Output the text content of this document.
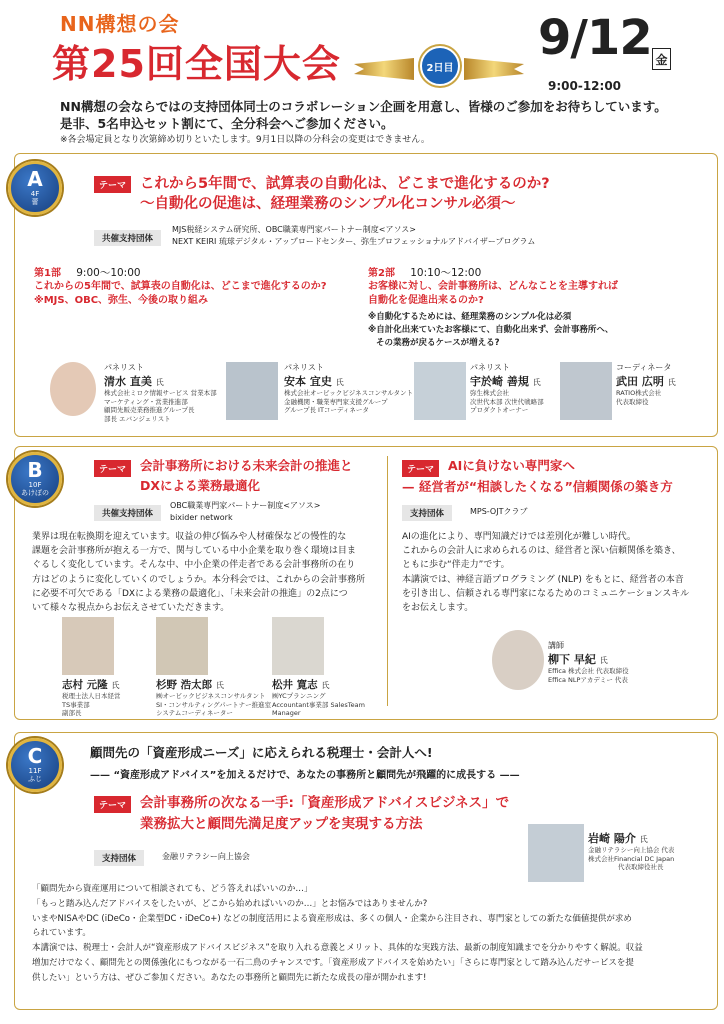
NN構想の会
第25回全国大会	2日目
9/12 金
9:00-12:00
NN構想の会ならではの支持団体同士のコラボレーション企画を用意し、皆様のご参加をお待ちしています。
是非、5名申込セット割にて、全分科会へご参加ください。
※各会場定員となり次第締め切りといたします。9月1日以降の分科会の変更はできません。
A
4F
蕾
テーマ これから5年間で、試算表の自動化は、どこまで進化するのか?
～自動化の促進は、経理業務のシンプル化コンサル必須～
共催支持団体
MJS税経システム研究所、OBC職業専門家パートナー制度<アソス>
NEXT KEIRI 琉球デジタル・アップロードセンター、弥生プロフェッショナルアドバイザープログラム
第1部 9:00～10:00
これからの5年間で、試算表の自動化は、どこまで進化するのか?
※MJS、OBC、弥生、今後の取り組み
第2部 10:10～12:00
お客様に対し、会計事務所は、どんなことを主導すれば
自動化を促進出来るのか?
※自動化するためには、経理業務のシンプル化は必須
※自計化出来ていたお客様にて、自動化出来ず、会計事務所へ、
その業務が戻るケースが増える?
パネリスト
清水 直美 氏
株式会社ミロク情報サービス 営業本部
マーケティング・営業推進部
顧問先販売業務推進グループ長
部長 エバンジェリスト
パネリスト
安本 宜史 氏
株式会社オービックビジネスコンサルタント
金融機関・職業専門家支援グループ
グループ長 ITコーディネータ
パネリスト
宇於崎 善規 氏
弥生株式会社
次世代本部 次世代戦略部
プロダクトオーナー
コーディネータ
武田 広明 氏
RATIO株式会社
代表取締役
B
10F
あけぼの
テーマ	会計事務所における未来会計の推進と
DXによる業務最適化
共催支持団体
OBC職業専門家パートナー制度<アソス>
bixider network
業界は現在転換期を迎えています。収益の伸び悩みや人材確保などの慢性的な
課題を会計事務所が抱える一方で、関与している中小企業を取り巻く環境は目ま
ぐるしく変化しています。そんな中、中小企業の伴走者である会計事務所の在り
方はどのように変化していくのでしょうか。本分科会では、これからの会計事務所
に必要不可欠である「DXによる業務の最適化」、「未来会計の推進」の2点につ
いて様々な視点からお伝えさせていただきます。
志村 元隆 氏
税理士法人日本経営
TS事業部
副部長
杉野 浩太郎 氏
㈱オービックビジネスコンサルタント
SI・コンサルティングパートナー推進室
システムコーディネーター
松井 寛志 氏
㈱YCプランニング
Accountant事業部 SalesTeam
Manager
テーマ	AIに負けない専門家へ
— 経営者が“相談したくなる”信頼関係の築き方
支持団体	MPS-OJTクラブ
AIの進化により、専門知識だけでは差別化が難しい時代。
これからの会計人に求められるのは、経営者と深い信頼関係を築き、
ともに歩む“伴走力”です。
本講演では、神経言語プログラミング (NLP) をもとに、経営者の本音
を引き出し、信頼される専門家になるためのコミュニケーションスキル
をお伝えします。
講師
柳下 早紀 氏
Effica 株式会社 代表取締役
Effica NLPアカデミー 代表
C
11F
ふじ
顧問先の「資産形成ニーズ」に応えられる税理士・会計人へ!
—— “資産形成アドバイス”を加えるだけで、あなたの事務所と顧問先が飛躍的に成長する ——
テーマ	会計事務所の次なる一手:「資産形成アドバイスビジネス」で
業務拡大と顧問先満足度アップを実現する方法
支持団体	金融リテラシー向上協会
岩崎 陽介 氏
金融リテラシー向上協会 代表
株式会社Financial DC Japan
代表取締役社長
「顧問先から資産運用について相談されても、どう答えればいいのか…」
「もっと踏み込んだアドバイスをしたいが、どこから始めればいいのか…」とお悩みではありませんか?
いまやNISAやDC (iDeCo・企業型DC・iDeCo+) などの制度活用による資産形成は、多くの個人・企業から注目され、専門家としての新たな価値提供が求め
られています。
本講演では、税理士・会計人が“資産形成アドバイスビジネス”を取り入れる意義とメリット、具体的な実践方法、最新の制度知識までを分かりやすく解説。収益
増加だけでなく、顧問先との関係強化にもつながる一石二鳥のチャンスです。「資産形成アドバイスを始めたい」「さらに専門家として踏み込んだサービスを提
供したい」という方は、ぜひご参加ください。あなたの事務所と顧問先に新たな成長の扉が開かれます!
